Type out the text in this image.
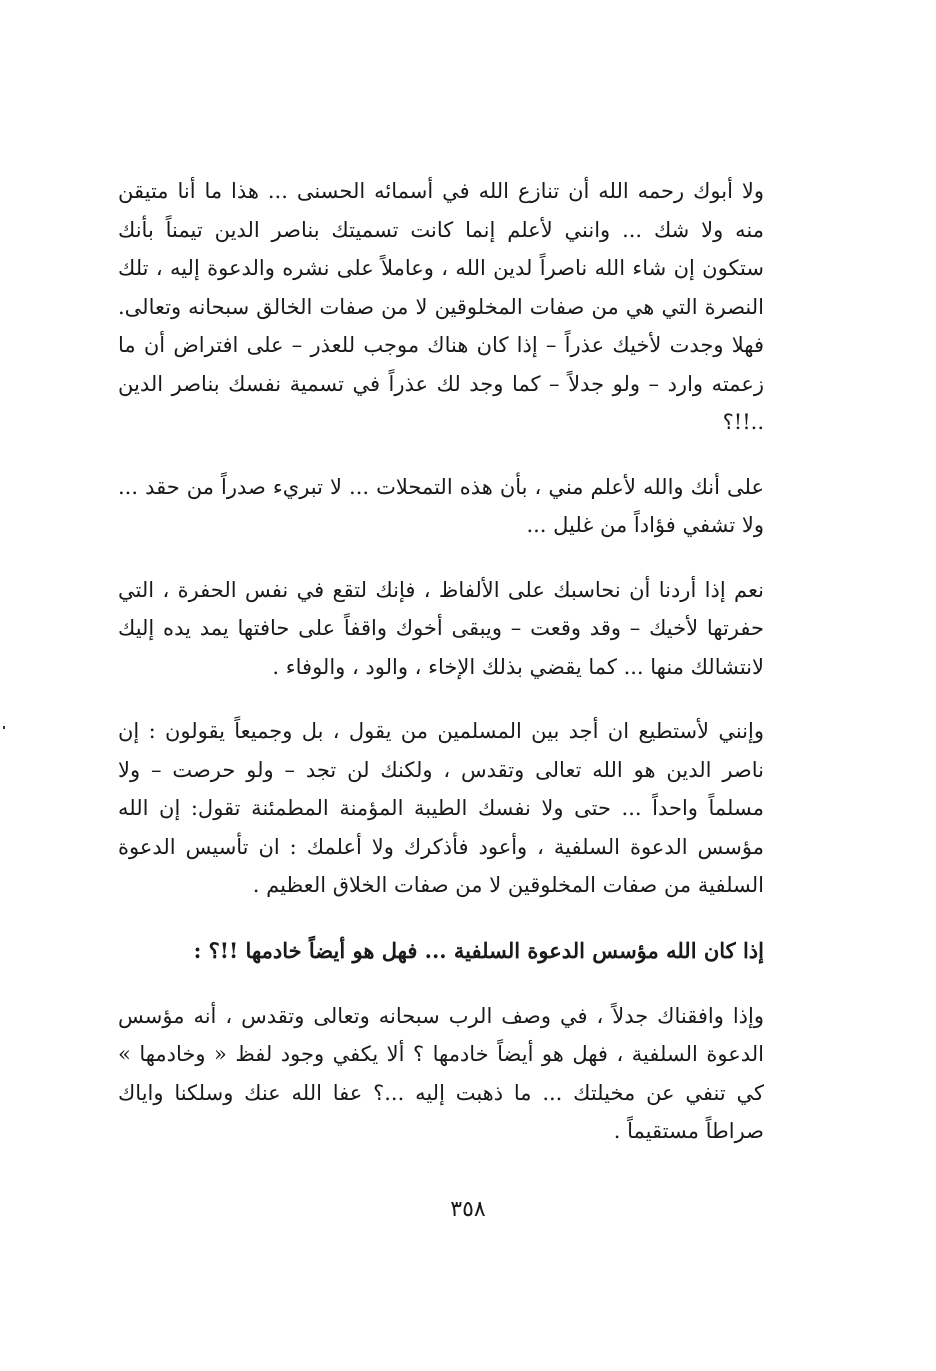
ولا أبوك رحمه الله أن تنازع الله في أسمائه الحسنى ... هذا ما أنا متيقن منه ولا شك ... وانني لأعلم إنما كانت تسميتك بناصر الدين تيمناً بأنك ستكون إن شاء الله ناصراً لدين الله ، وعاملاً على نشره والدعوة إليه ، تلك النصرة التي هي من صفات المخلوقين لا من صفات الخالق سبحانه وتعالى. فهلا وجدت لأخيك عذراً – إذا كان هناك موجب للعذر – على افتراض أن ما زعمته وارد – ولو جدلاً – كما وجد لك عذراً في تسمية نفسك بناصر الدين ..!!؟

على أنك والله لأعلم مني ، بأن هذه التمحلات ... لا تبريء صدراً من حقد ... ولا تشفي فؤاداً من غليل ...

نعم إذا أردنا أن نحاسبك على الألفاظ ، فإنك لتقع في نفس الحفرة ، التي حفرتها لأخيك – وقد وقعت – ويبقى أخوك واقفاً على حافتها يمد يده إليك لانتشالك منها ... كما يقضي بذلك الإخاء ، والود ، والوفاء .

وإنني لأستطيع ان أجد بين المسلمين من يقول ، بل وجميعاً يقولون : إن ناصر الدين هو الله تعالى وتقدس ، ولكنك لن تجد – ولو حرصت – ولا مسلماً واحداً ... حتى ولا نفسك الطيبة المؤمنة المطمئنة تقول: إن الله مؤسس الدعوة السلفية ، وأعود فأذكرك ولا أعلمك : ان تأسيس الدعوة السلفية من صفات المخلوقين لا من صفات الخلاق العظيم .

إذا كان الله مؤسس الدعوة السلفية ... فهل هو أيضاً خادمها !!؟ :

وإذا وافقناك جدلاً ، في وصف الرب سبحانه وتعالى وتقدس ، أنه مؤسس الدعوة السلفية ، فهل هو أيضاً خادمها ؟ ألا يكفي وجود لفظ « وخادمها » كي تنفي عن مخيلتك ... ما ذهبت إليه ...؟ عفا الله عنك وسلكنا واياك صراطاً مستقيماً .

٣٥٨
